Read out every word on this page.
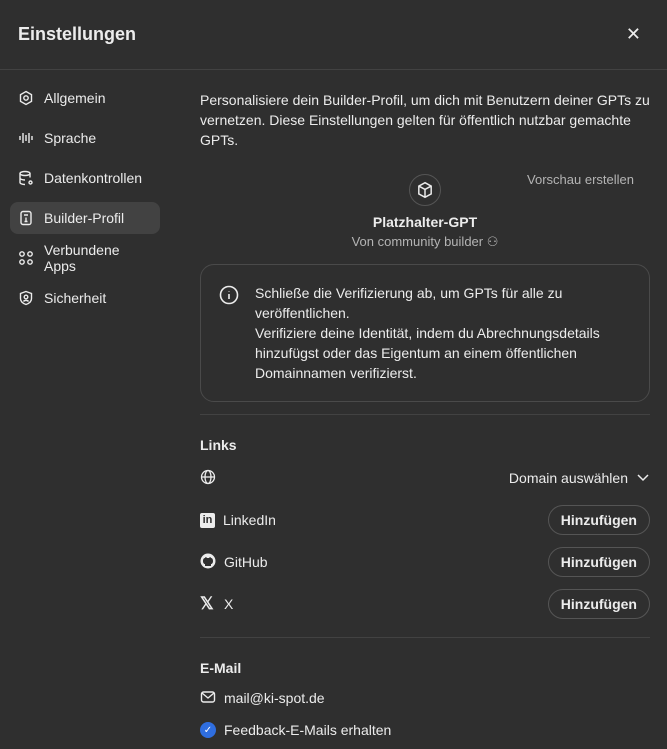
Einstellungen	✕
Allgemein
Sprache
Datenkontrollen
Builder-Profil
Verbundene Apps
Sicherheit

Personalisiere dein Builder-Profil, um dich mit Benutzern deiner GPTs zu vernetzen. Diese Einstellungen gelten für öffentlich nutzbar gemachte GPTs.

Vorschau erstellen
Platzhalter-GPT
Von community builder ⚇
Schließe die Verifizierung ab, um GPTs für alle zu veröffentlichen.
Verifiziere deine Identität, indem du Abrechnungsdetails hinzufügst oder das Eigentum an einem öffentlichen Domainnamen verifizierst.
Links
Domain auswählen
in LinkedIn	Hinzufügen
GitHub	Hinzufügen
𝕏 X	Hinzufügen
E-Mail
mail@ki-spot.de
✓ Feedback-E-Mails erhalten
